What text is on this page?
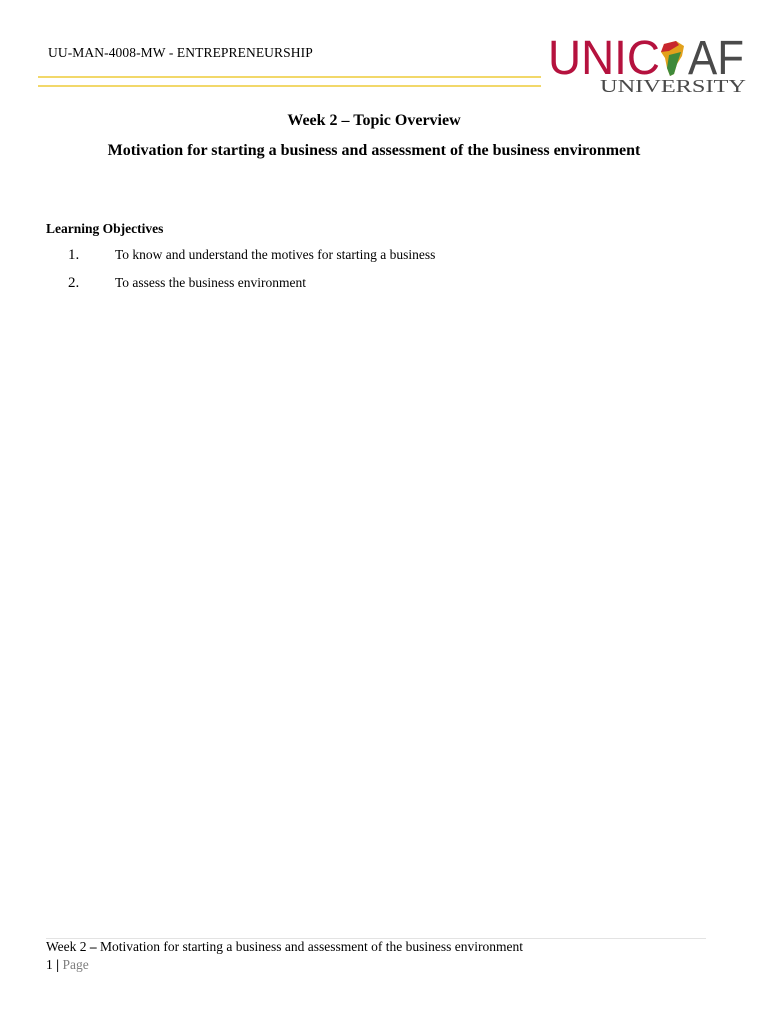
UU-MAN-4008-MW - ENTREPRENEURSHIP	UNIC AF
UNIVERSITY
Week 2 – Topic Overview
Motivation for starting a business and assessment of the business environment
Learning Objectives
1.	To know and understand the motives for starting a business
2.	To assess the business environment
Week 2 – Motivation for starting a business and assessment of the business environment
1 | Page
